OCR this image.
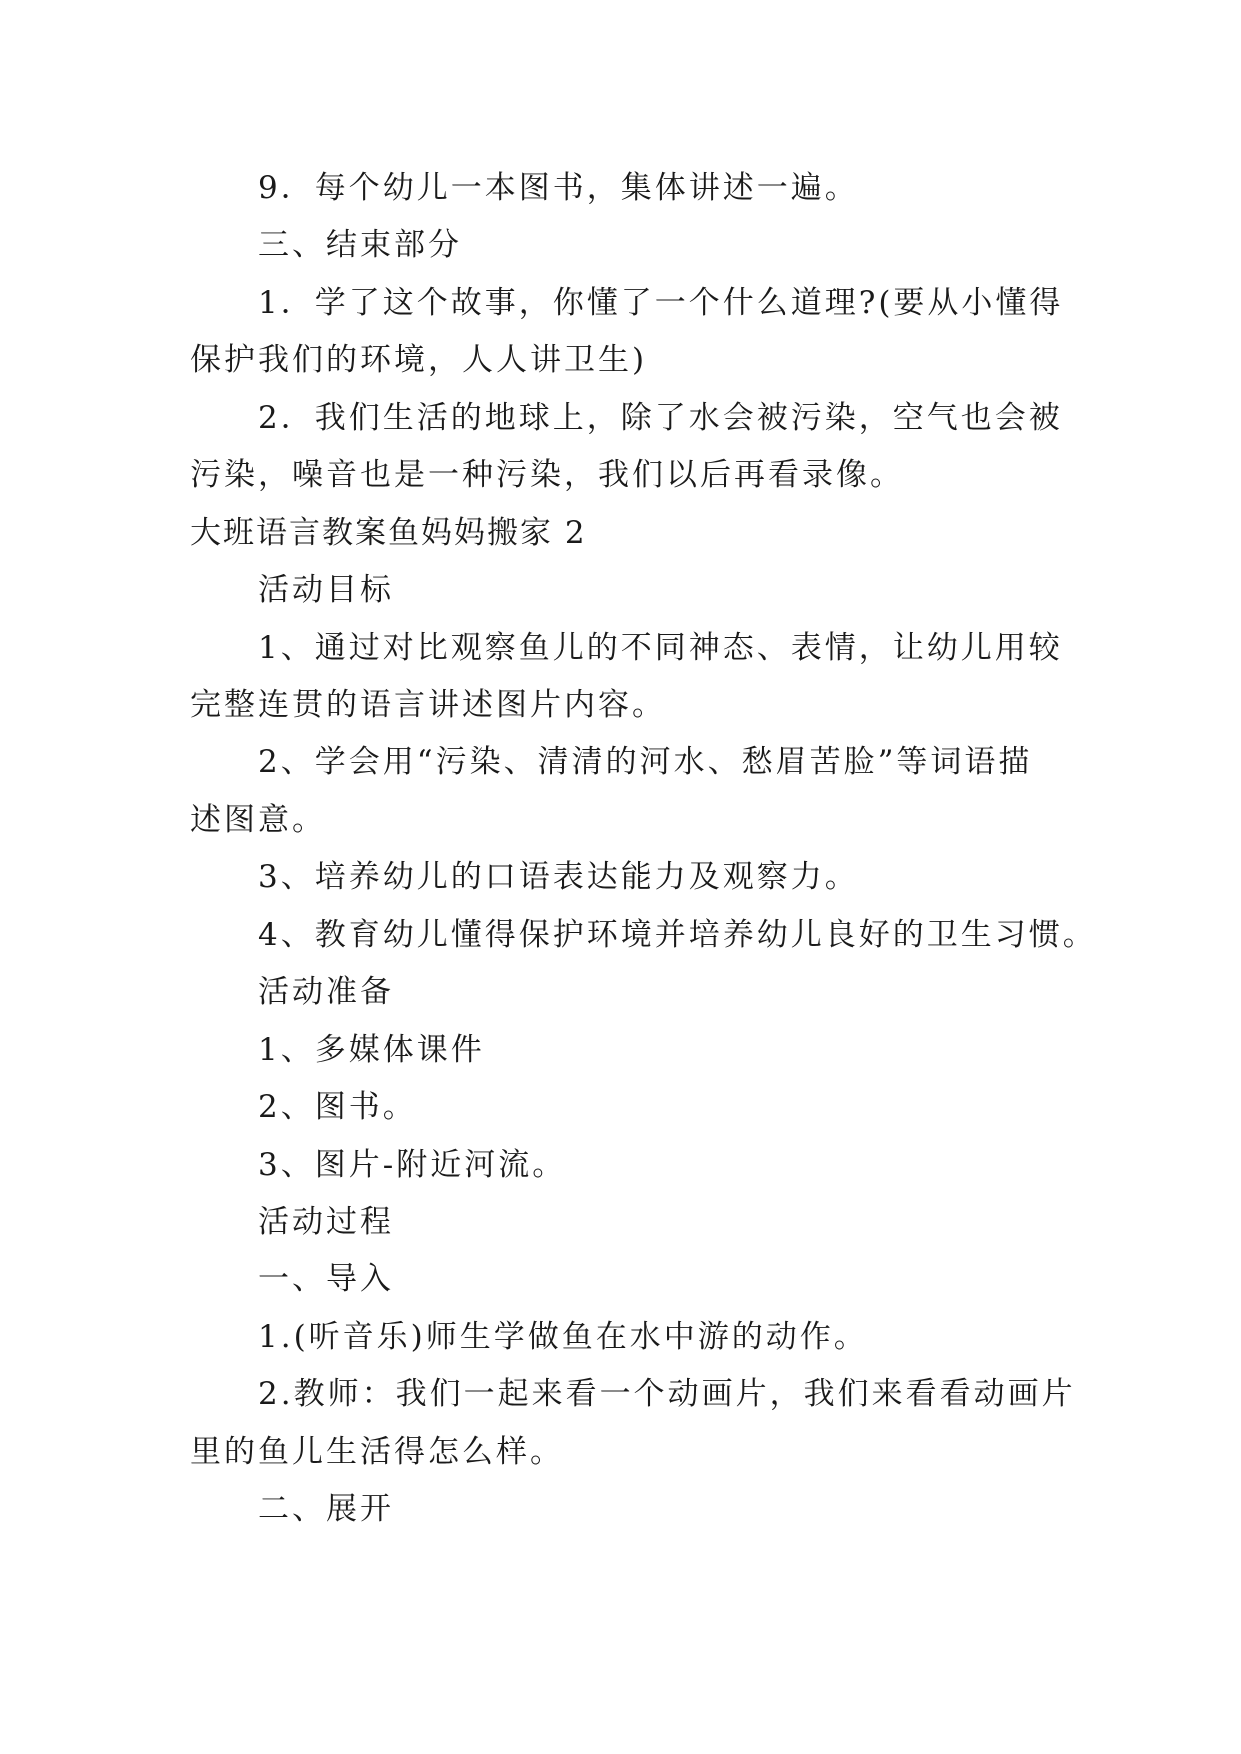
9．每个幼儿一本图书，集体讲述一遍。
三、结束部分
1．学了这个故事，你懂了一个什么道理?(要从小懂得
保护我们的环境，人人讲卫生)
2．我们生活的地球上，除了水会被污染，空气也会被
污染，噪音也是一种污染，我们以后再看录像。
大班语言教案鱼妈妈搬家 2
活动目标
1、通过对比观察鱼儿的不同神态、表情，让幼儿用较
完整连贯的语言讲述图片内容。
2、学会用“污染、清清的河水、愁眉苦脸”等词语描
述图意。
3、培养幼儿的口语表达能力及观察力。
4、教育幼儿懂得保护环境并培养幼儿良好的卫生习惯。
活动准备
1、多媒体课件
2、图书。
3、图片-附近河流。
活动过程
一、导入
1.(听音乐)师生学做鱼在水中游的动作。
2.教师：我们一起来看一个动画片，我们来看看动画片
里的鱼儿生活得怎么样。
二、展开
